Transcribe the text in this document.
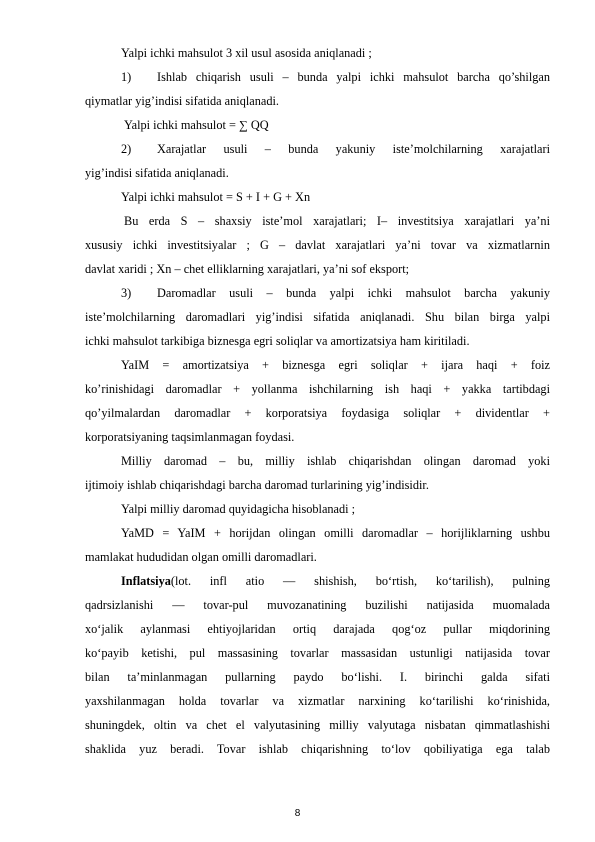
Yalpi ichki mahsulot 3 xil usul asosida aniqlanadi ;
1) Ishlab chiqarish usuli – bunda yalpi ichki mahsulot barcha qo’shilgan
qiymatlar yig’indisi sifatida aniqlanadi.
Yalpi ichki mahsulot = ∑ QQ
2) Xarajatlar usuli – bunda yakuniy iste’molchilarning xarajatlari
yig’indisi sifatida aniqlanadi.
Yalpi ichki mahsulot = S + I + G + Xn
Bu erda S – shaxsiy iste’mol xarajatlari; I– investitsiya xarajatlari ya’ni
xususiy ichki investitsiyalar ; G – davlat xarajatlari ya’ni tovar va xizmatlarnin
davlat xaridi ; Xn – chet elliklarning xarajatlari, ya’ni sof eksport;
3) Daromadlar usuli – bunda yalpi ichki mahsulot barcha yakuniy
iste’molchilarning daromadlari yig’indisi sifatida aniqlanadi. Shu bilan birga yalpi
ichki mahsulot tarkibiga biznesga egri soliqlar va amortizatsiya ham kiritiladi.
YaIM = amortizatsiya + biznesga egri soliqlar + ijara haqi + foiz
ko’rinishidagi daromadlar + yollanma ishchilarning ish haqi + yakka tartibdagi
qo’yilmalardan daromadlar + korporatsiya foydasiga soliqlar + dividentlar +
korporatsiyaning taqsimlanmagan foydasi.
Milliy daromad – bu, milliy ishlab chiqarishdan olingan daromad yoki
ijtimoiy ishlab chiqarishdagi barcha daromad turlarining yig’indisidir.
Yalpi milliy daromad quyidagicha hisoblanadi ;
YaMD = YaIM + horijdan olingan omilli daromadlar – horijliklarning ushbu
mamlakat hududidan olgan omilli daromadlari.
Inflatsiya (lot. infl atio — shishish, bo‘rtish, ko‘tarilish), pulning
qadrsizlanishi — tovar-pul muvozanatining buzilishi natijasida muomalada
xo‘jalik aylanmasi ehtiyojlaridan ortiq darajada qog‘oz pullar miqdorining
ko‘payib ketishi, pul massasining tovarlar massasidan ustunligi natijasida tovar
bilan ta’minlanmagan pullarning paydo bo‘lishi. I. birinchi galda sifati
yaxshilanmagan holda tovarlar va xizmatlar narxining ko‘tarilishi ko‘rinishida,
shuningdek, oltin va chet el valyutasining milliy valyutaga nisbatan qimmatlashishi
shaklida yuz beradi. Tovar ishlab chiqarishning to‘lov qobiliyatiga ega talab
8
